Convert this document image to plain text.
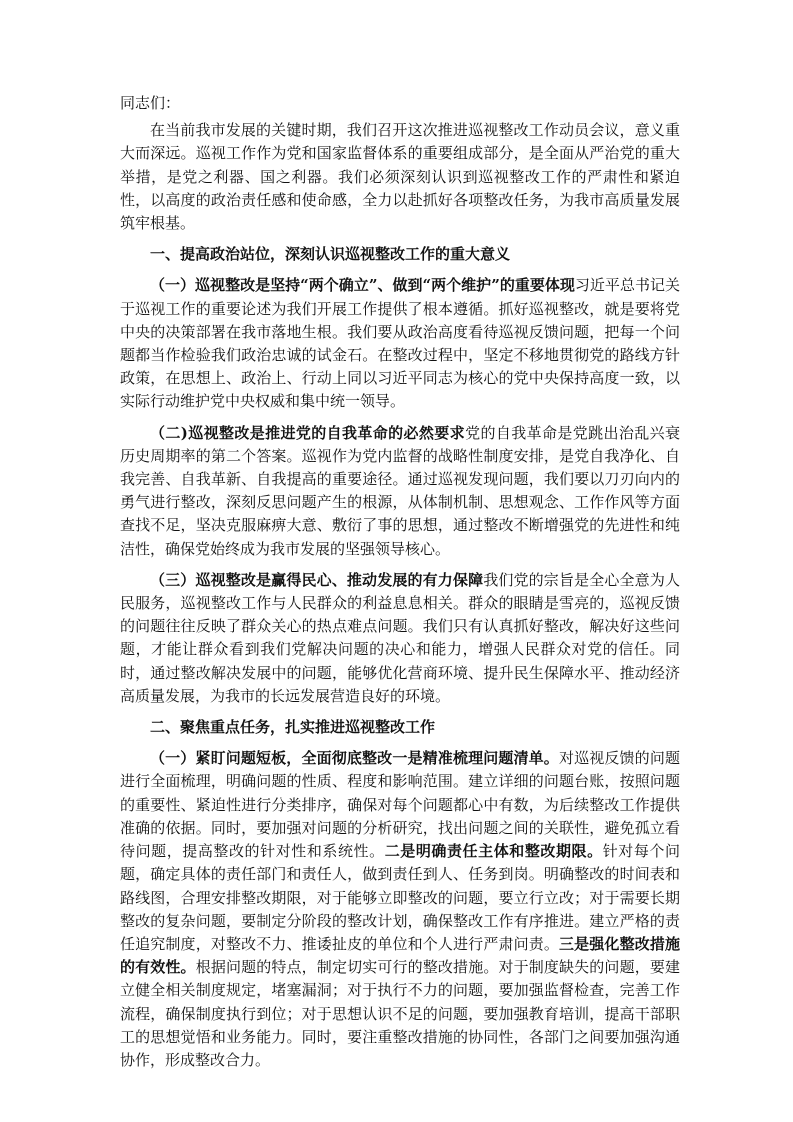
同志们：

在当前我市发展的关键时期，我们召开这次推进巡视整改工作动员会议，意义重大而深远。巡视工作作为党和国家监督体系的重要组成部分，是全面从严治党的重大举措，是党之利器、国之利器。我们必须深刻认识到巡视整改工作的严肃性和紧迫性，以高度的政治责任感和使命感，全力以赴抓好各项整改任务，为我市高质量发展筑牢根基。

一、提高政治站位，深刻认识巡视整改工作的重大意义

（一）巡视整改是坚持“两个确立”、做到“两个维护”的重要体现习近平总书记关于巡视工作的重要论述为我们开展工作提供了根本遵循。抓好巡视整改，就是要将党中央的决策部署在我市落地生根。我们要从政治高度看待巡视反馈问题，把每一个问题都当作检验我们政治忠诚的试金石。在整改过程中，坚定不移地贯彻党的路线方针政策，在思想上、政治上、行动上同以习近平同志为核心的党中央保持高度一致，以实际行动维护党中央权威和集中统一领导。

（二)巡视整改是推进党的自我革命的必然要求党的自我革命是党跳出治乱兴衰历史周期率的第二个答案。巡视作为党内监督的战略性制度安排，是党自我净化、自我完善、自我革新、自我提高的重要途径。通过巡视发现问题，我们要以刀刃向内的勇气进行整改，深刻反思问题产生的根源，从体制机制、思想观念、工作作风等方面查找不足，坚决克服麻痹大意、敷衍了事的思想，通过整改不断增强党的先进性和纯洁性，确保党始终成为我市发展的坚强领导核心。

（三）巡视整改是赢得民心、推动发展的有力保障我们党的宗旨是全心全意为人民服务，巡视整改工作与人民群众的利益息息相关。群众的眼睛是雪亮的，巡视反馈的问题往往反映了群众关心的热点难点问题。我们只有认真抓好整改，解决好这些问题，才能让群众看到我们党解决问题的决心和能力，增强人民群众对党的信任。同时，通过整改解决发展中的问题，能够优化营商环境、提升民生保障水平、推动经济高质量发展，为我市的长远发展营造良好的环境。

二、聚焦重点任务，扎实推进巡视整改工作

（一）紧盯问题短板，全面彻底整改一是精准梳理问题清单。对巡视反馈的问题进行全面梳理，明确问题的性质、程度和影响范围。建立详细的问题台账，按照问题的重要性、紧迫性进行分类排序，确保对每个问题都心中有数，为后续整改工作提供准确的依据。同时，要加强对问题的分析研究，找出问题之间的关联性，避免孤立看待问题，提高整改的针对性和系统性。二是明确责任主体和整改期限。针对每个问题，确定具体的责任部门和责任人，做到责任到人、任务到岗。明确整改的时间表和路线图，合理安排整改期限，对于能够立即整改的问题，要立行立改；对于需要长期整改的复杂问题，要制定分阶段的整改计划，确保整改工作有序推进。建立严格的责任追究制度，对整改不力、推诿扯皮的单位和个人进行严肃问责。三是强化整改措施的有效性。根据问题的特点，制定切实可行的整改措施。对于制度缺失的问题，要建立健全相关制度规定，堵塞漏洞；对于执行不力的问题，要加强监督检查，完善工作流程，确保制度执行到位；对于思想认识不足的问题，要加强教育培训，提高干部职工的思想觉悟和业务能力。同时，要注重整改措施的协同性，各部门之间要加强沟通协作，形成整改合力。
